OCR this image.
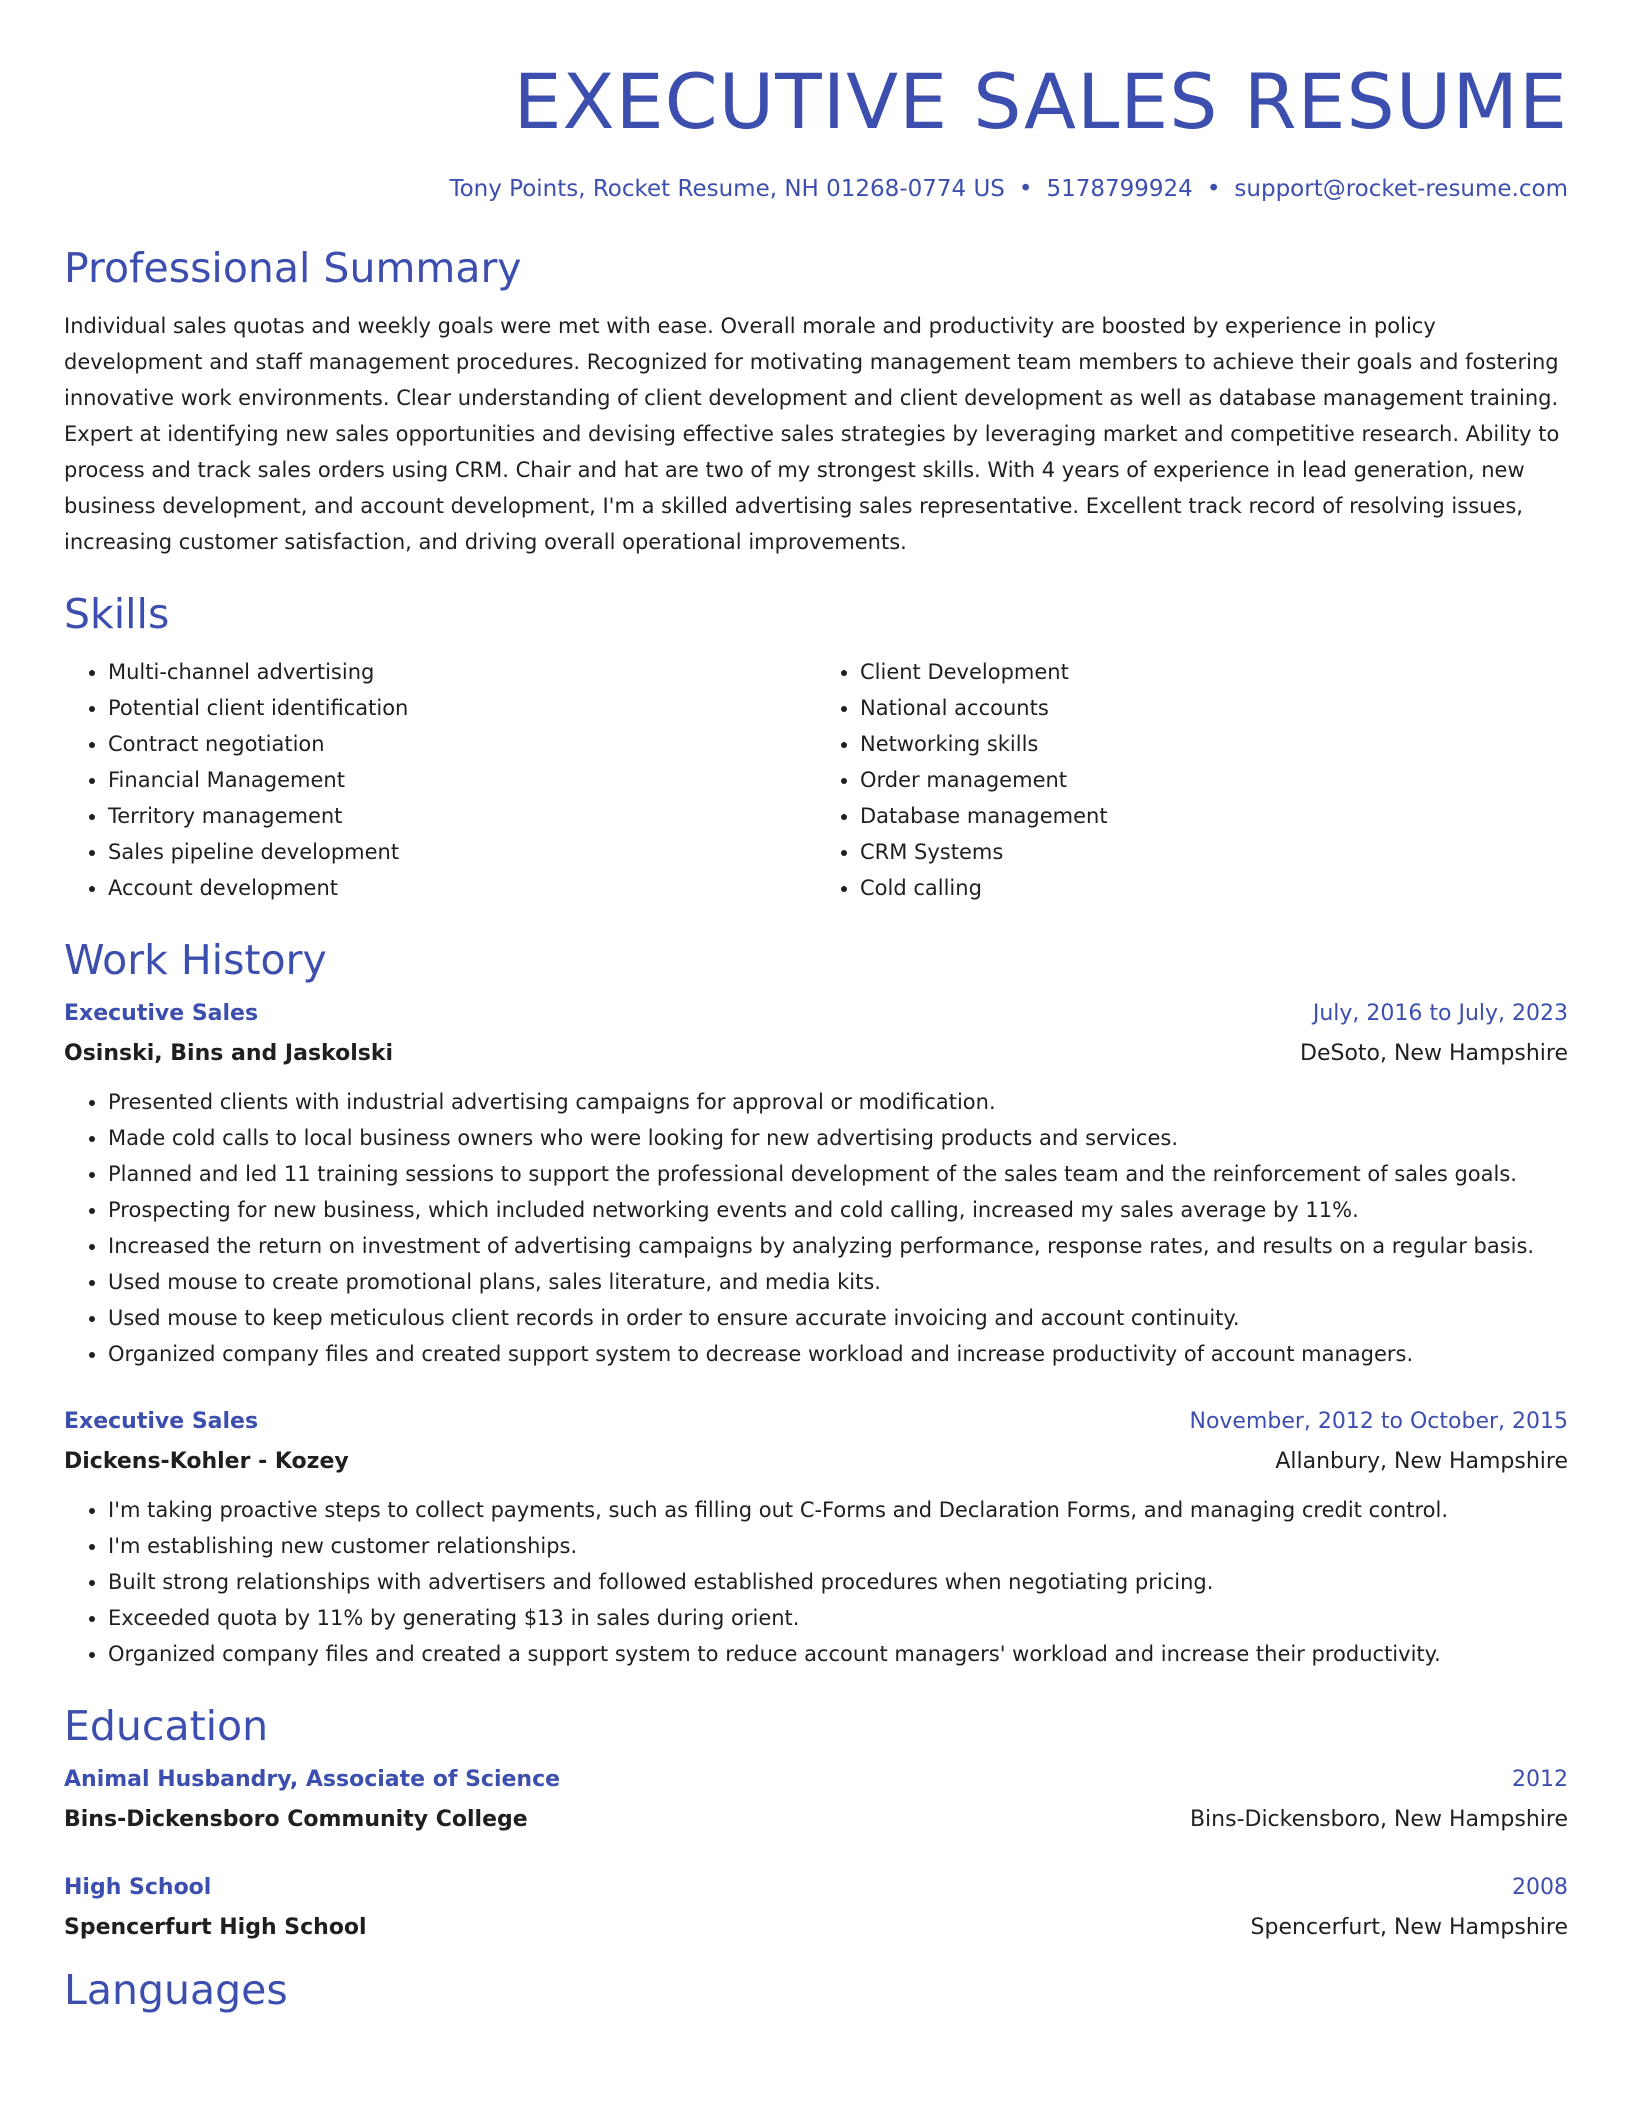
EXECUTIVE SALES RESUME
Tony Points, Rocket Resume, NH 01268-0774 US • 5178799924 • support@rocket-resume.com
Professional Summary

Individual sales quotas and weekly goals were met with ease. Overall morale and productivity are boosted by experience in policy development and staff management procedures. Recognized for motivating management team members to achieve their goals and fostering innovative work environments. Clear understanding of client development and client development as well as database management training. Expert at identifying new sales opportunities and devising effective sales strategies by leveraging market and competitive research. Ability to process and track sales orders using CRM. Chair and hat are two of my strongest skills. With 4 years of experience in lead generation, new business development, and account development, I'm a skilled advertising sales representative. Excellent track record of resolving issues, increasing customer satisfaction, and driving overall operational improvements.

Skills
• Multi-channel advertising
• Potential client identification
• Contract negotiation
• Financial Management
• Territory management
• Sales pipeline development
• Account development
• Client Development
• National accounts
• Networking skills
• Order management
• Database management
• CRM Systems
• Cold calling
Work History
Executive Sales	July, 2016 to July, 2023
Osinski, Bins and Jaskolski	DeSoto, New Hampshire
• Presented clients with industrial advertising campaigns for approval or modification.
• Made cold calls to local business owners who were looking for new advertising products and services.
• Planned and led 11 training sessions to support the professional development of the sales team and the reinforcement of sales goals.
• Prospecting for new business, which included networking events and cold calling, increased my sales average by 11%.
• Increased the return on investment of advertising campaigns by analyzing performance, response rates, and results on a regular basis.
• Used mouse to create promotional plans, sales literature, and media kits.
• Used mouse to keep meticulous client records in order to ensure accurate invoicing and account continuity.
• Organized company files and created support system to decrease workload and increase productivity of account managers.
Executive Sales	November, 2012 to October, 2015
Dickens-Kohler - Kozey	Allanbury, New Hampshire
• I'm taking proactive steps to collect payments, such as filling out C-Forms and Declaration Forms, and managing credit control.
• I'm establishing new customer relationships.
• Built strong relationships with advertisers and followed established procedures when negotiating pricing.
• Exceeded quota by 11% by generating $13 in sales during orient.
• Organized company files and created a support system to reduce account managers' workload and increase their productivity.
Education
Animal Husbandry, Associate of Science	2012
Bins-Dickensboro Community College	Bins-Dickensboro, New Hampshire
High School	2008
Spencerfurt High School	Spencerfurt, New Hampshire
Languages
